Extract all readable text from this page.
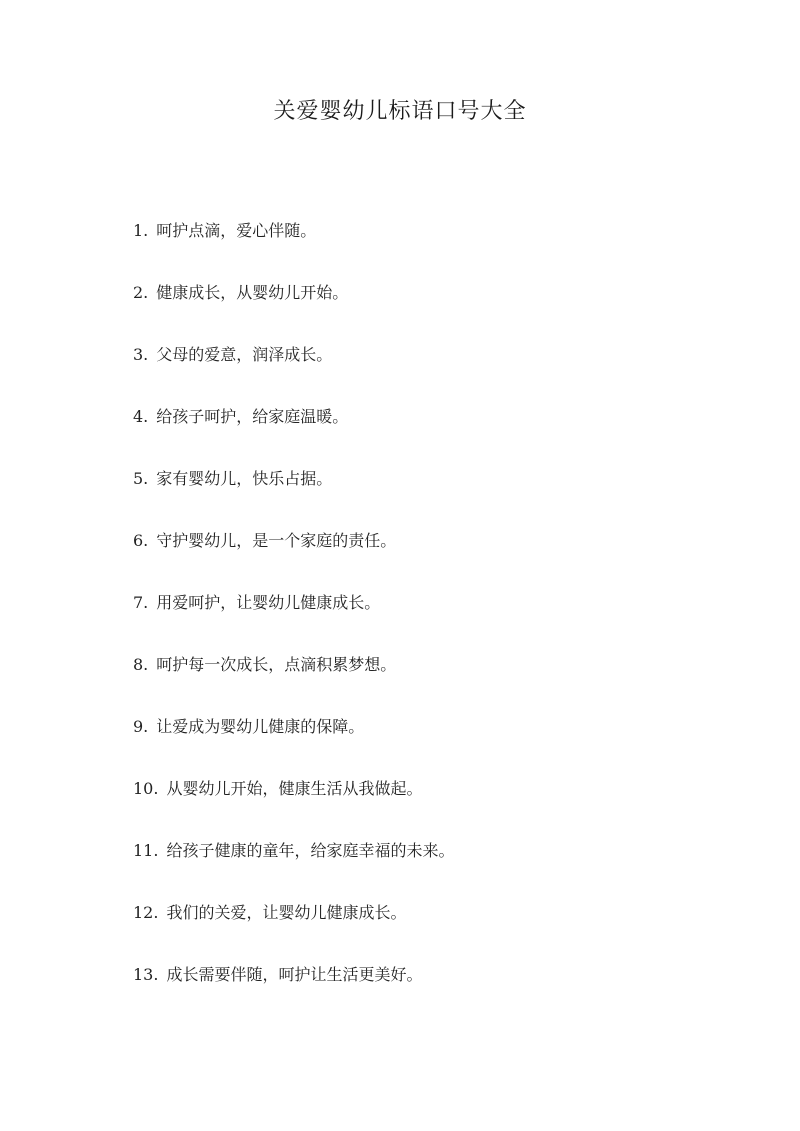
关爱婴幼儿标语口号大全
1. 呵护点滴，爱心伴随。
2. 健康成长，从婴幼儿开始。
3. 父母的爱意，润泽成长。
4. 给孩子呵护，给家庭温暖。
5. 家有婴幼儿，快乐占据。
6. 守护婴幼儿，是一个家庭的责任。
7. 用爱呵护，让婴幼儿健康成长。
8. 呵护每一次成长，点滴积累梦想。
9. 让爱成为婴幼儿健康的保障。
10. 从婴幼儿开始，健康生活从我做起。
11. 给孩子健康的童年，给家庭幸福的未来。
12. 我们的关爱，让婴幼儿健康成长。
13. 成长需要伴随，呵护让生活更美好。
